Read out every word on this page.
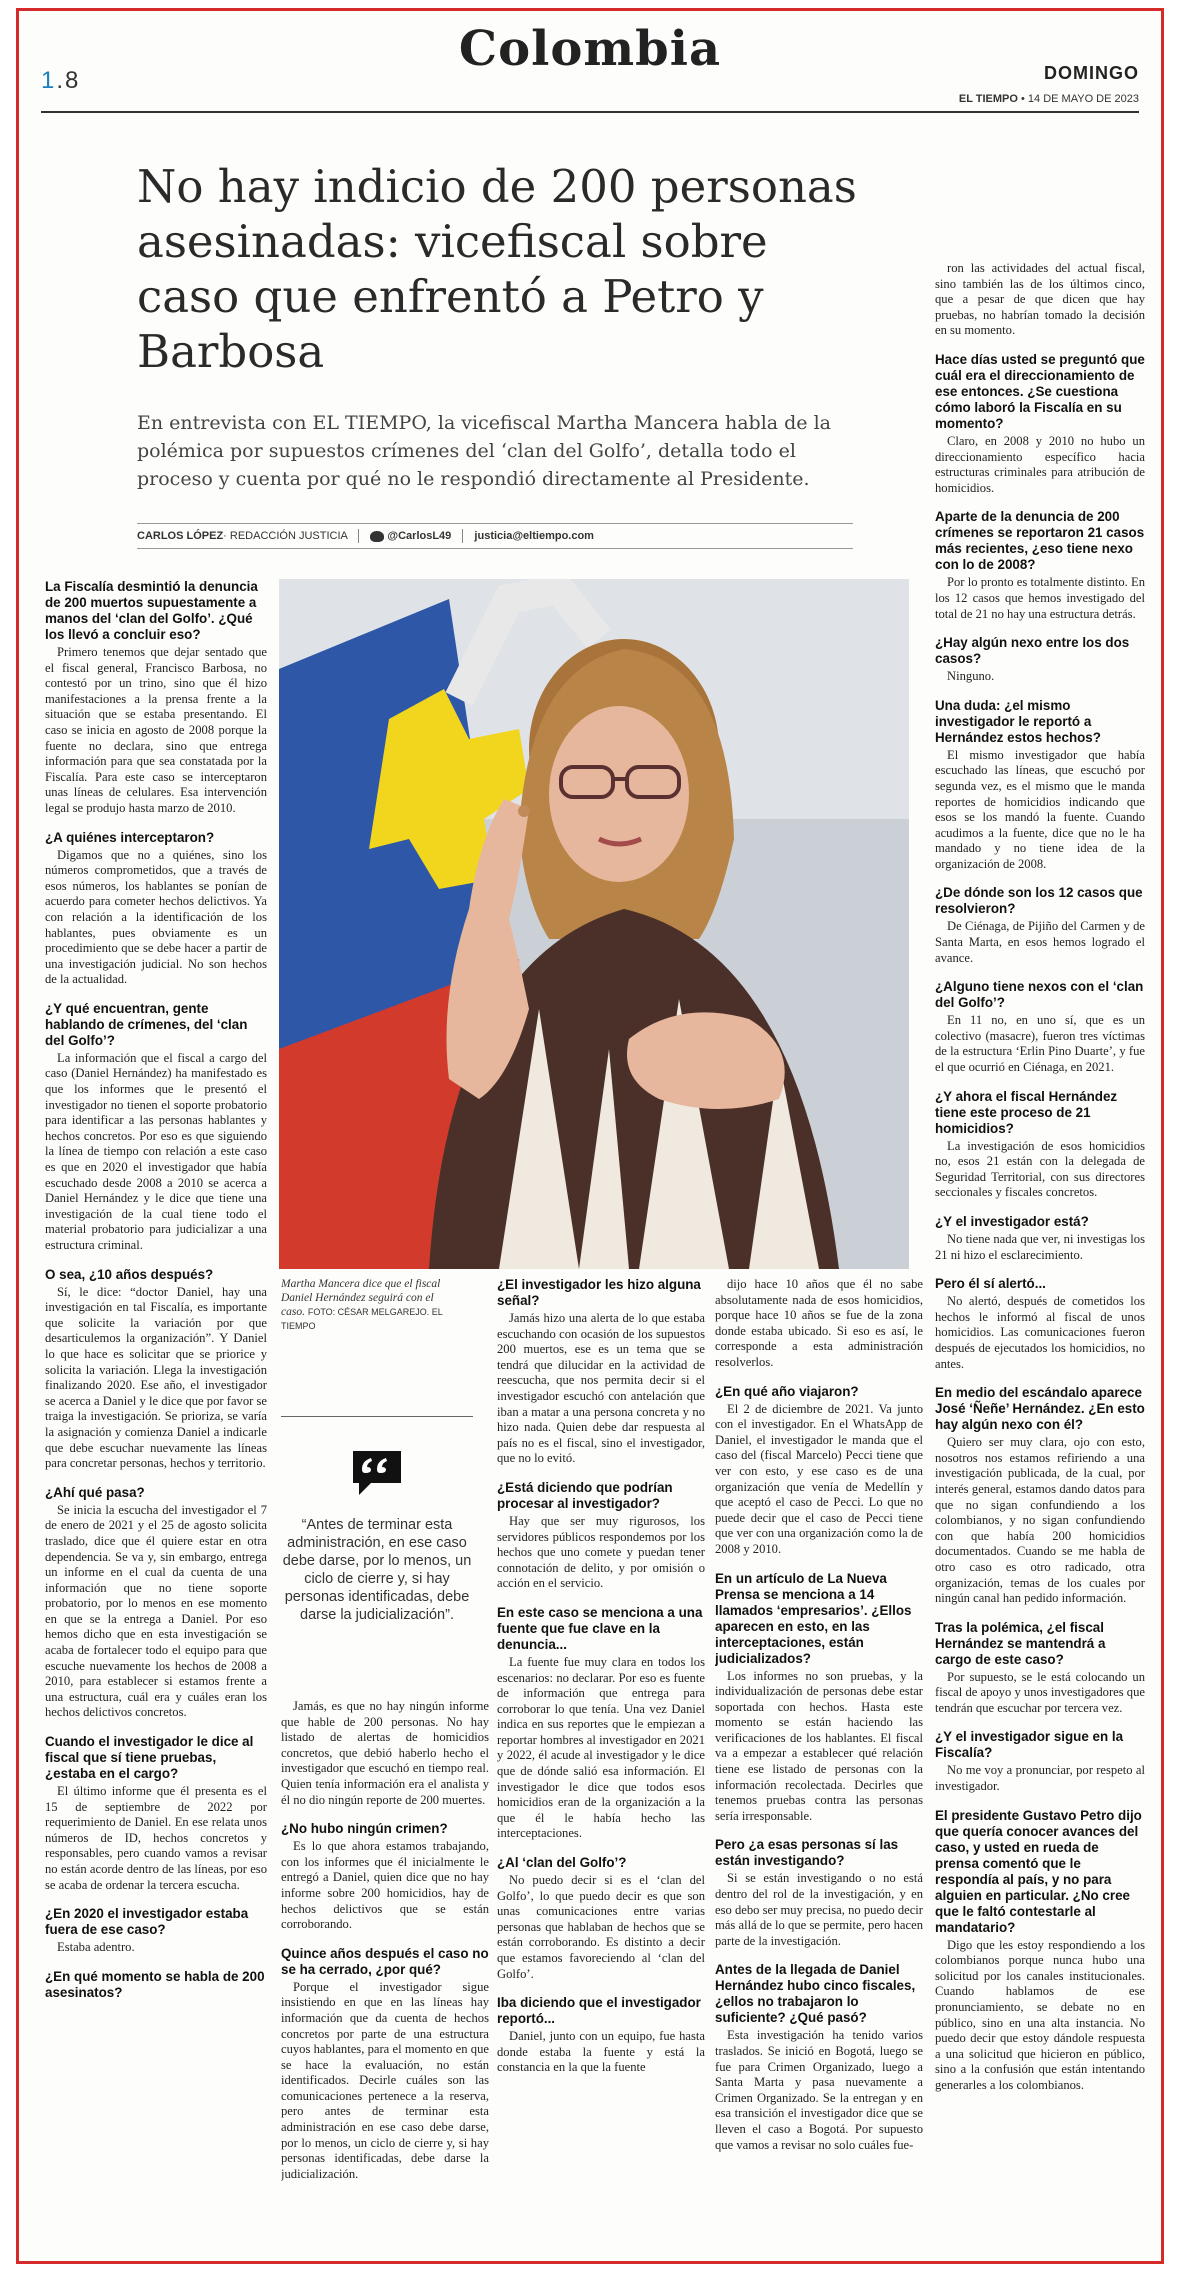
Colombia
1.8	DOMINGO
EL TIEMPO • 14 DE MAYO DE 2023
No hay indicio de 200 personas asesinadas: vicefiscal sobre caso que enfrentó a Petro y Barbosa

En entrevista con EL TIEMPO, la vicefiscal Martha Mancera habla de la polémica por supuestos crímenes del ‘clan del Golfo’, detalla todo el proceso y cuenta por qué no le respondió directamente al Presidente.

CARLOS LÓPEZ· REDACCIÓN JUSTICIA	@CarlosL49 justicia@eltiempo.com
La Fiscalía desmintió la denuncia de 200 muertos supuestamente a manos del ‘clan del Golfo’. ¿Qué los llevó a concluir eso?

Primero tenemos que dejar sentado que el fiscal general, Francisco Barbosa, no contestó por un trino, sino que él hizo manifestaciones a la prensa frente a la situación que se estaba presentando. El caso se inicia en agosto de 2008 porque la fuente no declara, sino que entrega información para que sea constatada por la Fiscalía. Para este caso se interceptaron unas líneas de celulares. Esa intervención legal se produjo hasta marzo de 2010.

¿A quiénes interceptaron?

Digamos que no a quiénes, sino los números comprometidos, que a través de esos números, los hablantes se ponían de acuerdo para cometer hechos delictivos. Ya con relación a la identificación de los hablantes, pues obviamente es un procedimiento que se debe hacer a partir de una investigación judicial. No son hechos de la actualidad.

¿Y qué encuentran, gente hablando de crímenes, del ‘clan del Golfo’?

La información que el fiscal a cargo del caso (Daniel Hernández) ha manifestado es que los informes que le presentó el investigador no tienen el soporte probatorio para identificar a las personas hablantes y hechos concretos. Por eso es que siguiendo la línea de tiempo con relación a este caso es que en 2020 el investigador que había escuchado desde 2008 a 2010 se acerca a Daniel Hernández y le dice que tiene una investigación de la cual tiene todo el material probatorio para judicializar a una estructura criminal.

O sea, ¿10 años después?

Sí, le dice: “doctor Daniel, hay una investigación en tal Fiscalía, es importante que solicite la variación por que desarticulemos la organización”. Y Daniel lo que hace es solicitar que se priorice y solicita la variación. Llega la investigación finalizando 2020. Ese año, el investigador se acerca a Daniel y le dice que por favor se traiga la investigación. Se prioriza, se varía la asignación y comienza Daniel a indicarle que debe escuchar nuevamente las líneas para concretar personas, hechos y territorio.

¿Ahí qué pasa?

Se inicia la escucha del investigador el 7 de enero de 2021 y el 25 de agosto solicita traslado, dice que él quiere estar en otra dependencia. Se va y, sin embargo, entrega un informe en el cual da cuenta de una información que no tiene soporte probatorio, por lo menos en ese momento en que se la entrega a Daniel. Por eso hemos dicho que en esta investigación se acaba de fortalecer todo el equipo para que escuche nuevamente los hechos de 2008 a 2010, para establecer si estamos frente a una estructura, cuál era y cuáles eran los hechos delictivos concretos.

Cuando el investigador le dice al fiscal que sí tiene pruebas, ¿estaba en el cargo?

El último informe que él presenta es el 15 de septiembre de 2022 por requerimiento de Daniel. En ese relata unos números de ID, hechos concretos y responsables, pero cuando vamos a revisar no están acorde dentro de las líneas, por eso se acaba de ordenar la tercera escucha.

¿En 2020 el investigador estaba fuera de ese caso?

Estaba adentro.

¿En qué momento se habla de 200 asesinatos?

Martha Mancera dice que el fiscal Daniel Hernández seguirá con el caso. FOTO: CÉSAR MELGAREJO. EL TIEMPO

“Antes de terminar esta administración, en ese caso debe darse, por lo menos, un ciclo de cierre y, si hay personas identificadas, debe darse la judicialización”.

Jamás, es que no hay ningún informe que hable de 200 personas. No hay listado de alertas de homicidios concretos, que debió haberlo hecho el investigador que escuchó en tiempo real. Quien tenía información era el analista y él no dio ningún reporte de 200 muertes.

¿No hubo ningún crimen?

Es lo que ahora estamos trabajando, con los informes que él inicialmente le entregó a Daniel, quien dice que no hay informe sobre 200 homicidios, hay de hechos delictivos que se están corroborando.

Quince años después el caso no se ha cerrado, ¿por qué?

Porque el investigador sigue insistiendo en que en las líneas hay información que da cuenta de hechos concretos por parte de una estructura cuyos hablantes, para el momento en que se hace la evaluación, no están identificados. Decirle cuáles son las comunicaciones pertenece a la reserva, pero antes de terminar esta administración en ese caso debe darse, por lo menos, un ciclo de cierre y, si hay personas identificadas, debe darse la judicialización.

¿El investigador les hizo alguna señal?

Jamás hizo una alerta de lo que estaba escuchando con ocasión de los supuestos 200 muertos, ese es un tema que se tendrá que dilucidar en la actividad de reescucha, que nos permita decir si el investigador escuchó con antelación que iban a matar a una persona concreta y no hizo nada. Quien debe dar respuesta al país no es el fiscal, sino el investigador, que no lo evitó.

¿Está diciendo que podrían procesar al investigador?

Hay que ser muy rigurosos, los servidores públicos respondemos por los hechos que uno comete y puedan tener connotación de delito, y por omisión o acción en el servicio.

En este caso se menciona a una fuente que fue clave en la denuncia...

La fuente fue muy clara en todos los escenarios: no declarar. Por eso es fuente de información que entrega para corroborar lo que tenía. Una vez Daniel indica en sus reportes que le empiezan a reportar hombres al investigador en 2021 y 2022, él acude al investigador y le dice que de dónde salió esa información. El investigador le dice que todos esos homicidios eran de la organización a la que él le había hecho las interceptaciones.

¿Al ‘clan del Golfo’?

No puedo decir si es el ‘clan del Golfo’, lo que puedo decir es que son unas comunicaciones entre varias personas que hablaban de hechos que se están corroborando. Es distinto a decir que estamos favoreciendo al ‘clan del Golfo’.

Iba diciendo que el investigador reportó...

Daniel, junto con un equipo, fue hasta donde estaba la fuente y está la constancia en la que la fuente

dijo hace 10 años que él no sabe absolutamente nada de esos homicidios, porque hace 10 años se fue de la zona donde estaba ubicado. Si eso es así, le corresponde a esta administración resolverlos.

¿En qué año viajaron?

El 2 de diciembre de 2021. Va junto con el investigador. En el WhatsApp de Daniel, el investigador le manda que el caso del (fiscal Marcelo) Pecci tiene que ver con esto, y ese caso es de una organización que venía de Medellín y que aceptó el caso de Pecci. Lo que no puede decir que el caso de Pecci tiene que ver con una organización como la de 2008 y 2010.

En un artículo de La Nueva Prensa se menciona a 14 llamados ‘empresarios’. ¿Ellos aparecen en esto, en las interceptaciones, están judicializados?

Los informes no son pruebas, y la individualización de personas debe estar soportada con hechos. Hasta este momento se están haciendo las verificaciones de los hablantes. El fiscal va a empezar a establecer qué relación tiene ese listado de personas con la información recolectada. Decirles que tenemos pruebas contra las personas sería irresponsable.

Pero ¿a esas personas sí las están investigando?

Si se están investigando o no está dentro del rol de la investigación, y en eso debo ser muy precisa, no puedo decir más allá de lo que se permite, pero hacen parte de la investigación.

Antes de la llegada de Daniel Hernández hubo cinco fiscales, ¿ellos no trabajaron lo suficiente? ¿Qué pasó?

Esta investigación ha tenido varios traslados. Se inició en Bogotá, luego se fue para Crimen Organizado, luego a Santa Marta y pasa nuevamente a Crimen Organizado. Se la entregan y en esa transición el investigador dice que se lleven el caso a Bogotá. Por supuesto que vamos a revisar no solo cuáles fue-

ron las actividades del actual fiscal, sino también las de los últimos cinco, que a pesar de que dicen que hay pruebas, no habrían tomado la decisión en su momento.

Hace días usted se preguntó que cuál era el direccionamiento de ese entonces. ¿Se cuestiona cómo laboró la Fiscalía en su momento?

Claro, en 2008 y 2010 no hubo un direccionamiento específico hacia estructuras criminales para atribución de homicidios.

Aparte de la denuncia de 200 crímenes se reportaron 21 casos más recientes, ¿eso tiene nexo con lo de 2008?

Por lo pronto es totalmente distinto. En los 12 casos que hemos investigado del total de 21 no hay una estructura detrás.

¿Hay algún nexo entre los dos casos?

Ninguno.

Una duda: ¿el mismo investigador le reportó a Hernández estos hechos?

El mismo investigador que había escuchado las líneas, que escuchó por segunda vez, es el mismo que le manda reportes de homicidios indicando que esos se los mandó la fuente. Cuando acudimos a la fuente, dice que no le ha mandado y no tiene idea de la organización de 2008.

¿De dónde son los 12 casos que resolvieron?

De Ciénaga, de Pijiño del Carmen y de Santa Marta, en esos hemos logrado el avance.

¿Alguno tiene nexos con el ‘clan del Golfo’?

En 11 no, en uno sí, que es un colectivo (masacre), fueron tres víctimas de la estructura ‘Erlin Pino Duarte’, y fue el que ocurrió en Ciénaga, en 2021.

¿Y ahora el fiscal Hernández tiene este proceso de 21 homicidios?

La investigación de esos homicidios no, esos 21 están con la delegada de Seguridad Territorial, con sus directores seccionales y fiscales concretos.

¿Y el investigador está?

No tiene nada que ver, ni investigas los 21 ni hizo el esclarecimiento.

Pero él sí alertó...

No alertó, después de cometidos los hechos le informó al fiscal de unos homicidios. Las comunicaciones fueron después de ejecutados los homicidios, no antes.

En medio del escándalo aparece José ‘Ñeñe’ Hernández. ¿En esto hay algún nexo con él?

Quiero ser muy clara, ojo con esto, nosotros nos estamos refiriendo a una investigación publicada, de la cual, por interés general, estamos dando datos para que no sigan confundiendo a los colombianos, y no sigan confundiendo con que había 200 homicidios documentados. Cuando se me habla de otro caso es otro radicado, otra organización, temas de los cuales por ningún canal han pedido información.

Tras la polémica, ¿el fiscal Hernández se mantendrá a cargo de este caso?

Por supuesto, se le está colocando un fiscal de apoyo y unos investigadores que tendrán que escuchar por tercera vez.

¿Y el investigador sigue en la Fiscalía?

No me voy a pronunciar, por respeto al investigador.

El presidente Gustavo Petro dijo que quería conocer avances del caso, y usted en rueda de prensa comentó que le respondía al país, y no para alguien en particular. ¿No cree que le faltó contestarle al mandatario?

Digo que les estoy respondiendo a los colombianos porque nunca hubo una solicitud por los canales institucionales. Cuando hablamos de ese pronunciamiento, se debate no en público, sino en una alta instancia. No puedo decir que estoy dándole respuesta a una solicitud que hicieron en público, sino a la confusión que están intentando generarles a los colombianos.
